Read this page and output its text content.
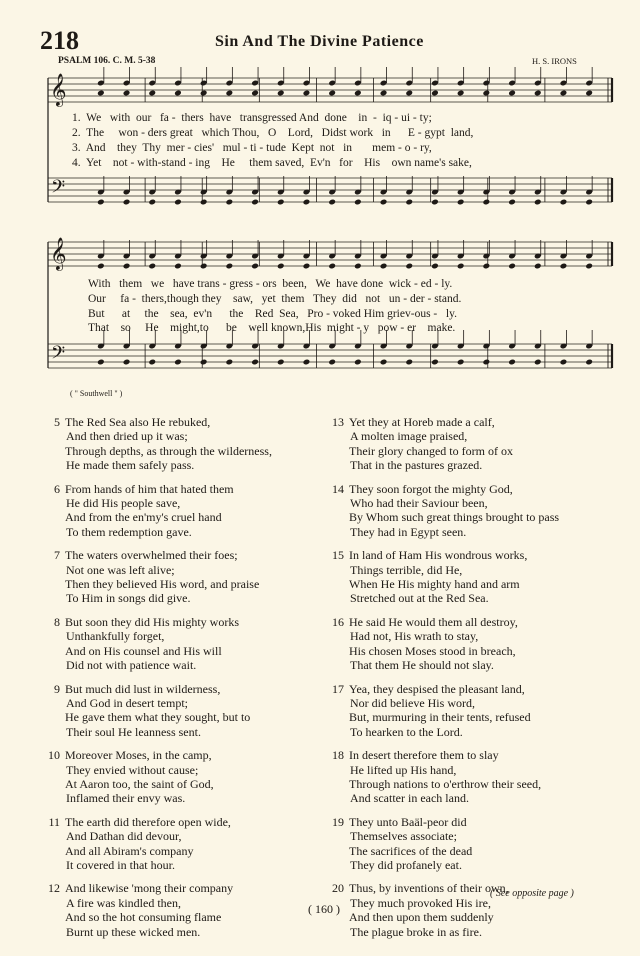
218	Sin And The Divine Patience
PSALM 106. C. M. 5-38	H. S. IRONS
𝄞
𝄢
𝄞
𝄢
1.  We   with  our   fa -  thers  have   transgressed And  done    in  -  iq - ui - ty;
2.  The     won - ders great   which Thou,   O    Lord,   Didst work   in      E - gypt  land,
3.  And    they  Thy  mer - cies'   mul - ti - tude  Kept  not   in       mem - o - ry,
4.  Yet    not - with-stand - ing    He     them saved,  Ev'n   for    His    own name's sake,
With   them   we   have trans - gress - ors  been,   We  have done  wick - ed - ly.
Our     fa -  thers,though they    saw,   yet  them   They  did   not   un - der - stand.
But      at     the    sea,  ev'n      the    Red  Sea,   Pro - voked Him griev-ous -   ly.
That    so     He    might,to      be    well known,His  might - y   pow - er    make.
( " Southwell " )
5 The Red Sea also He rebuked,
And then dried up it was;
Through depths, as through the wilderness,
He made them safely pass.
6 From hands of him that hated them
He did His people save,
And from the en'my's cruel hand
To them redemption gave.
7 The waters overwhelmed their foes;
Not one was left alive;
Then they believed His word, and praise
To Him in songs did give.
8 But soon they did His mighty works
Unthankfully forget,
And on His counsel and His will
Did not with patience wait.
9 But much did lust in wilderness,
And God in desert tempt;
He gave them what they sought, but to
Their soul He leanness sent.
10 Moreover Moses, in the camp,
They envied without cause;
At Aaron too, the saint of God,
Inflamed their envy was.
11 The earth did therefore open wide,
And Dathan did devour,
And all Abiram's company
It covered in that hour.
12 And likewise 'mong their company
A fire was kindled then,
And so the hot consuming flame
Burnt up these wicked men.
13 Yet they at Horeb made a calf,
A molten image praised,
Their glory changed to form of ox
That in the pastures grazed.
14 They soon forgot the mighty God,
Who had their Saviour been,
By Whom such great things brought to pass
They had in Egypt seen.
15 In land of Ham His wondrous works,
Things terrible, did He,
When He His mighty hand and arm
Stretched out at the Red Sea.
16 He said He would them all destroy,
Had not, His wrath to stay,
His chosen Moses stood in breach,
That them He should not slay.
17 Yea, they despised the pleasant land,
Nor did believe His word,
But, murmuring in their tents, refused
To hearken to the Lord.
18 In desert therefore them to slay
He lifted up His hand,
Through nations to o'erthrow their seed,
And scatter in each land.
19 They unto Baäl-peor did
Themselves associate;
The sacrifices of the dead
They did profanely eat.
20 Thus, by inventions of their own,
They much provoked His ire,
And then upon them suddenly
The plague broke in as fire.
( See opposite page )
( 160 )
